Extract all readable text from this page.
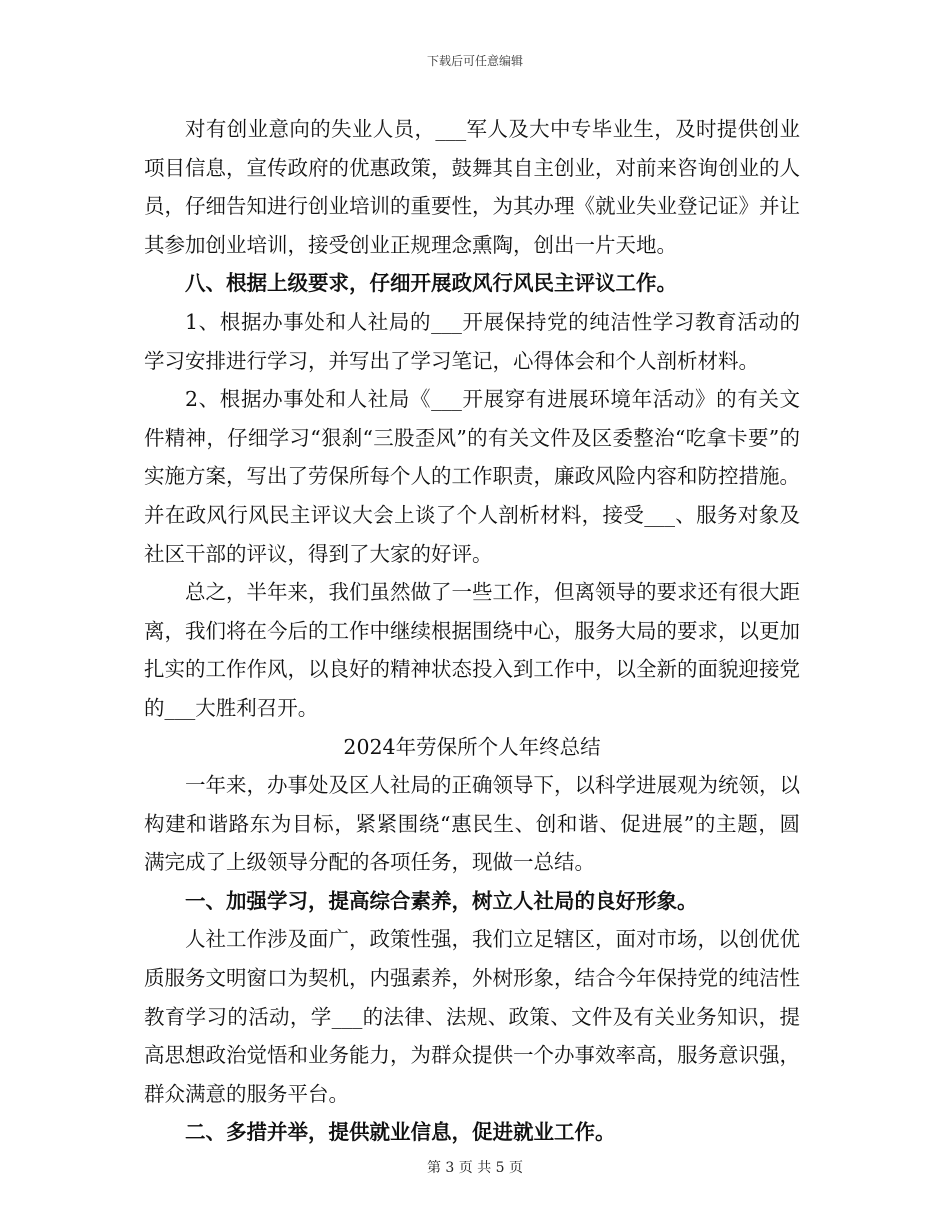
下载后可任意编辑

对有创业意向的失业人员，___军人及大中专毕业生，及时提供创业项目信息，宣传政府的优惠政策，鼓舞其自主创业，对前来咨询创业的人员，仔细告知进行创业培训的重要性，为其办理《就业失业登记证》并让其参加创业培训，接受创业正规理念熏陶，创出一片天地。

八、根据上级要求，仔细开展政风行风民主评议工作。

1、根据办事处和人社局的___开展保持党的纯洁性学习教育活动的学习安排进行学习，并写出了学习笔记，心得体会和个人剖析材料。

2、根据办事处和人社局《___开展穿有进展环境年活动》的有关文件精神，仔细学习“狠刹“三股歪风”的有关文件及区委整治“吃拿卡要”的实施方案，写出了劳保所每个人的工作职责，廉政风险内容和防控措施。并在政风行风民主评议大会上谈了个人剖析材料，接受___、服务对象及社区干部的评议，得到了大家的好评。

总之，半年来，我们虽然做了一些工作，但离领导的要求还有很大距离，我们将在今后的工作中继续根据围绕中心，服务大局的要求，以更加扎实的工作作风，以良好的精神状态投入到工作中，以全新的面貌迎接党的___大胜利召开。

2024年劳保所个人年终总结

一年来，办事处及区人社局的正确领导下，以科学进展观为统领，以构建和谐路东为目标，紧紧围绕“惠民生、创和谐、促进展”的主题，圆满完成了上级领导分配的各项任务，现做一总结。

一、加强学习，提高综合素养，树立人社局的良好形象。

人社工作涉及面广，政策性强，我们立足辖区，面对市场，以创优优质服务文明窗口为契机，内强素养，外树形象，结合今年保持党的纯洁性教育学习的活动，学___的法律、法规、政策、文件及有关业务知识，提高思想政治觉悟和业务能力，为群众提供一个办事效率高，服务意识强，群众满意的服务平台。

二、多措并举，提供就业信息，促进就业工作。

第 3 页 共 5 页
